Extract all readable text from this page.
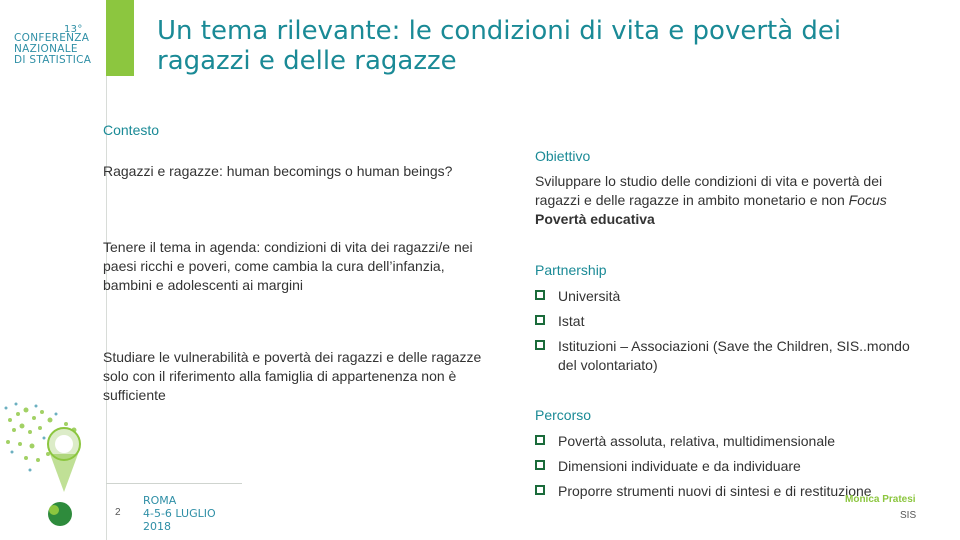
13°
CONFERENZA
NAZIONALE
DI STATISTICA
Un tema rilevante: le condizioni di vita e povertà dei ragazzi e delle ragazze
Contesto
Ragazzi e ragazze: human becomings o human beings?
Tenere il tema in agenda: condizioni di vita dei ragazzi/e nei paesi ricchi e poveri, come cambia la cura dell’infanzia, bambini e adolescenti ai margini
Studiare le vulnerabilità e povertà dei ragazzi e delle ragazze solo con il riferimento alla famiglia di appartenenza non è sufficiente
Obiettivo
Sviluppare lo studio delle condizioni di vita e povertà dei ragazzi e delle ragazze in ambito monetario e non Focus Povertà educativa
Partnership
Università
Istat
Istituzioni – Associazioni (Save the Children, SIS..mondo del volontariato)
Percorso
Povertà assoluta, relativa, multidimensionale
Dimensioni individuate e da individuare
Proporre strumenti nuovi di sintesi e di restituzione
2
ROMA
4-5-6 LUGLIO
2018
Monica Pratesi
SIS
